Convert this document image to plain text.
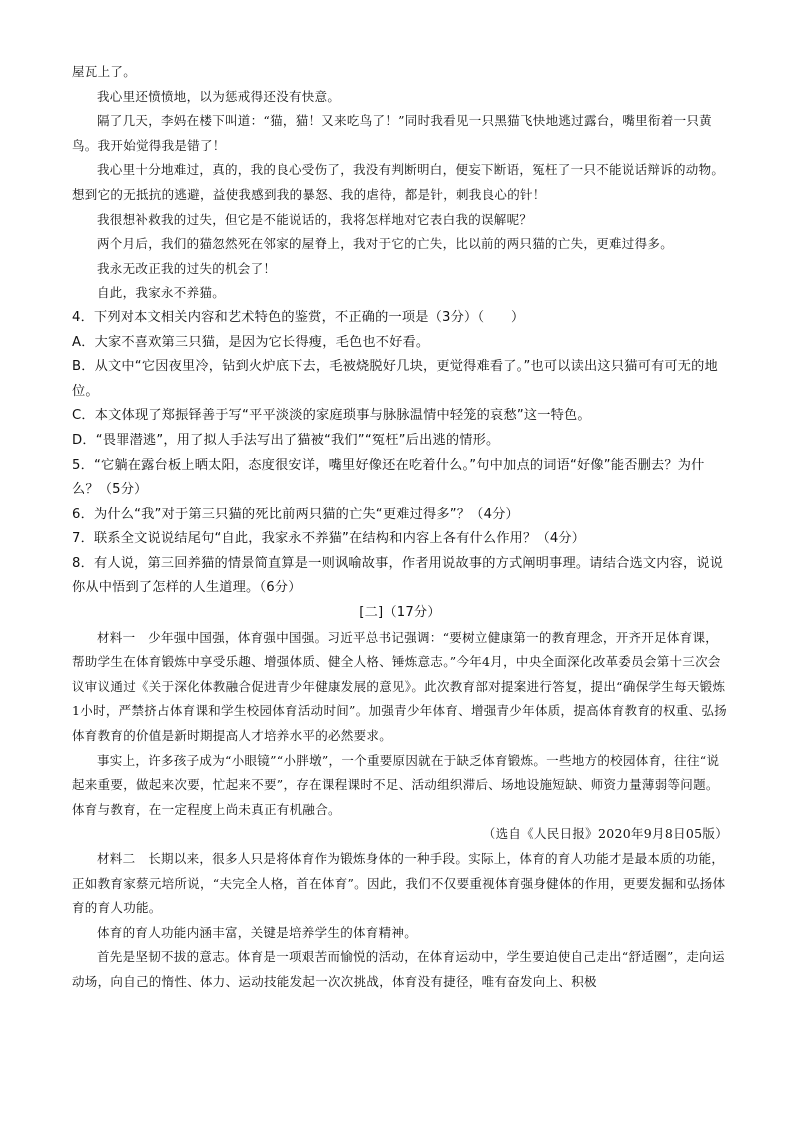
屋瓦上了。

我心里还愤愤地，以为惩戒得还没有快意。

隔了几天，李妈在楼下叫道：“猫，猫！又来吃鸟了！”同时我看见一只黑猫飞快地逃过露台，嘴里衔着一只黄鸟。我开始觉得我是错了！

我心里十分地难过，真的，我的良心受伤了，我没有判断明白，便妄下断语，冤枉了一只不能说话辩诉的动物。想到它的无抵抗的逃避，益使我感到我的暴怒、我的虐待，都是针，刺我良心的针！

我很想补救我的过失，但它是不能说话的，我将怎样地对它表白我的误解呢？

两个月后，我们的猫忽然死在邻家的屋脊上，我对于它的亡失，比以前的两只猫的亡失，更难过得多。

我永无改正我的过失的机会了！

自此，我家永不养猫。

4．下列对本文相关内容和艺术特色的鉴赏，不正确的一项是（3分）（　　）

A．大家不喜欢第三只猫，是因为它长得瘦，毛色也不好看。

B．从文中“它因夜里冷，钻到火炉底下去，毛被烧脱好几块，更觉得难看了。”也可以读出这只猫可有可无的地位。

C．本文体现了郑振铎善于写“平平淡淡的家庭琐事与脉脉温情中轻笼的哀愁”这一特色。

D．“畏罪潜逃”，用了拟人手法写出了猫被“我们”“冤枉”后出逃的情形。

5．“它躺在露台板上晒太阳，态度很安详，嘴里好像还在吃着什么。”句中加点的词语“好像”能否删去？为什么？（5分）

6．为什么“我”对于第三只猫的死比前两只猫的亡失“更难过得多”？（4分）

7．联系全文说说结尾句“自此，我家永不养猫”在结构和内容上各有什么作用？（4分）

8．有人说，第三回养猫的情景简直算是一则讽喻故事，作者用说故事的方式阐明事理。请结合选文内容，说说你从中悟到了怎样的人生道理。（6分）

[二]（17分）

材料一　少年强中国强，体育强中国强。习近平总书记强调：“要树立健康第一的教育理念，开齐开足体育课，帮助学生在体育锻炼中享受乐趣、增强体质、健全人格、锤炼意志。”今年4月，中央全面深化改革委员会第十三次会议审议通过《关于深化体教融合促进青少年健康发展的意见》。此次教育部对提案进行答复，提出“确保学生每天锻炼1小时，严禁挤占体育课和学生校园体育活动时间”。加强青少年体育、增强青少年体质，提高体育教育的权重、弘扬体育教育的价值是新时期提高人才培养水平的必然要求。

事实上，许多孩子成为“小眼镜”“小胖墩”，一个重要原因就在于缺乏体育锻炼。一些地方的校园体育，往往“说起来重要，做起来次要，忙起来不要”，存在课程课时不足、活动组织滞后、场地设施短缺、师资力量薄弱等问题。体育与教育，在一定程度上尚未真正有机融合。

（选自《人民日报》2020年9月8日05版）

材料二　长期以来，很多人只是将体育作为锻炼身体的一种手段。实际上，体育的育人功能才是最本质的功能，正如教育家蔡元培所说，“夫完全人格，首在体育”。因此，我们不仅要重视体育强身健体的作用，更要发掘和弘扬体育的育人功能。

体育的育人功能内涵丰富，关键是培养学生的体育精神。

首先是坚韧不拔的意志。体育是一项艰苦而愉悦的活动，在体育运动中，学生要迫使自己走出“舒适圈”，走向运动场，向自己的惰性、体力、运动技能发起一次次挑战，体育没有捷径，唯有奋发向上、积极
